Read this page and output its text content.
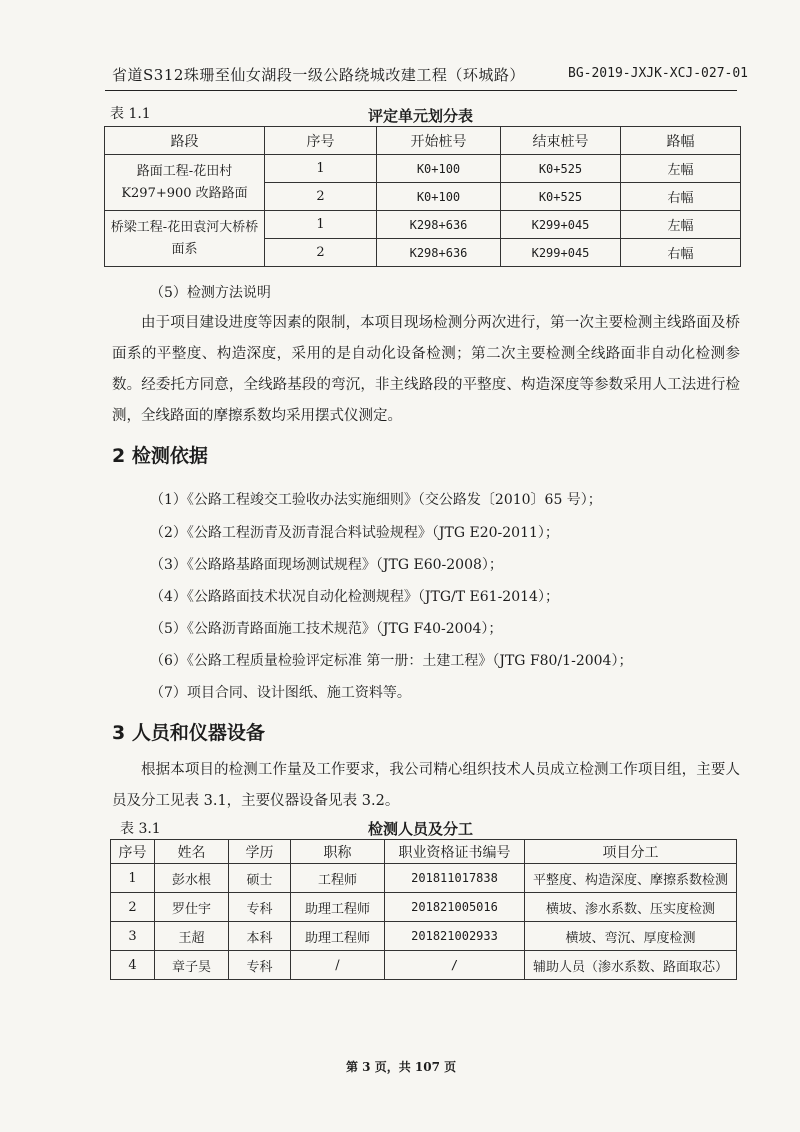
省道S312珠珊至仙女湖段一级公路绕城改建工程（环城路）	BG-2019-JXJK-XCJ-027-01
表 1.1	评定单元划分表
路段	序号	开始桩号	结束桩号	路幅
路面工程-花田村K297+900 改路路面	1	K0+100	K0+525	左幅
	2	K0+100	K0+525	右幅
桥梁工程-花田袁河大桥桥面系	1	K298+636	K299+045	左幅
	2	K298+636	K299+045	右幅
（5）检测方法说明
由于项目建设进度等因素的限制，本项目现场检测分两次进行，第一次主要检测主线路面及桥面系的平整度、构造深度，采用的是自动化设备检测；第二次主要检测全线路面非自动化检测参数。经委托方同意，全线路基段的弯沉，非主线路段的平整度、构造深度等参数采用人工法进行检测，全线路面的摩擦系数均采用摆式仪测定。
2 检测依据
（1）《公路工程竣交工验收办法实施细则》（交公路发〔2010〕65 号）；
（2）《公路工程沥青及沥青混合料试验规程》（JTG E20-2011）；
（3）《公路路基路面现场测试规程》（JTG E60-2008）；
（4）《公路路面技术状况自动化检测规程》（JTG/T E61-2014）；
（5）《公路沥青路面施工技术规范》（JTG F40-2004）；
（6）《公路工程质量检验评定标准 第一册：土建工程》（JTG F80/1-2004）；
（7）项目合同、设计图纸、施工资料等。
3 人员和仪器设备
根据本项目的检测工作量及工作要求，我公司精心组织技术人员成立检测工作项目组，主要人员及分工见表 3.1，主要仪器设备见表 3.2。
表 3.1	检测人员及分工
序号	姓名	学历	职称	职业资格证书编号	项目分工
1	彭水根	硕士	工程师	201811017838	平整度、构造深度、摩擦系数检测
2	罗仕宇	专科	助理工程师	201821005016	横坡、渗水系数、压实度检测
3	王超	本科	助理工程师	201821002933	横坡、弯沉、厚度检测
4	章子昊	专科	/	/	辅助人员（渗水系数、路面取芯）
第 3 页，共 107 页
